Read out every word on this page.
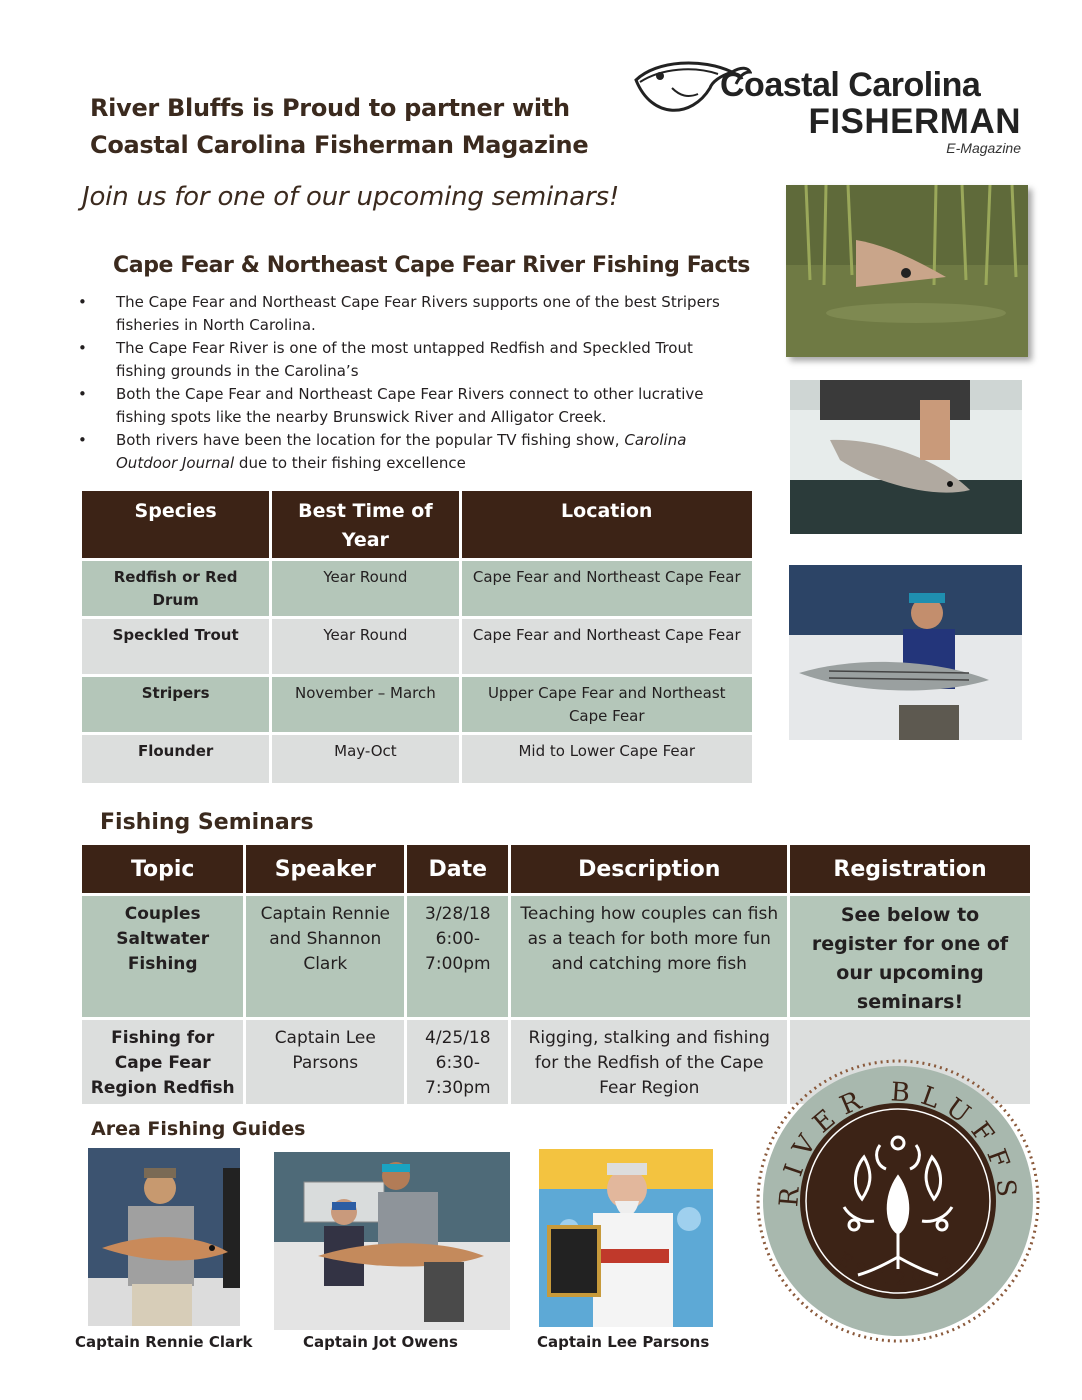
River Bluffs is Proud to partner with
Coastal Carolina Fisherman Magazine
Join us for one of our upcoming seminars!
Coastal Carolina
FISHERMAN
E-Magazine
Cape Fear & Northeast Cape Fear River Fishing Facts
• The Cape Fear and Northeast Cape Fear Rivers supports one of the best Stripers fisheries in North Carolina.
• The Cape Fear River is one of the most untapped Redfish and Speckled Trout fishing grounds in the Carolina’s
• Both the Cape Fear and Northeast Cape Fear Rivers connect to other lucrative fishing spots like the nearby Brunswick River and Alligator Creek.
• Both rivers have been the location for the popular TV fishing show, Carolina Outdoor Journal due to their fishing excellence
Species	Best Time of Year	Location
Redfish or Red Drum	Year Round	Cape Fear and Northeast Cape Fear
Speckled Trout	Year Round	Cape Fear and Northeast Cape Fear
Stripers	November – March	Upper Cape Fear and Northeast Cape Fear
Flounder	May-Oct	Mid to Lower Cape Fear
Fishing Seminars
Topic	Speaker	Date	Description	Registration
Couples Saltwater Fishing	Captain Rennie and Shannon Clark	3/28/18 6:00-7:00pm	Teaching how couples can fish as a teach for both more fun and catching more fish	See below to register for one of our upcoming seminars!
Fishing for Cape Fear Region Redfish	Captain Lee Parsons	4/25/18 6:30-7:30pm	Rigging, stalking and fishing for the Redfish of the Cape Fear Region	
Area Fishing Guides
Captain Rennie Clark	Captain Jot Owens	Captain Lee Parsons
RIVER BLUFFS
EST.2013
